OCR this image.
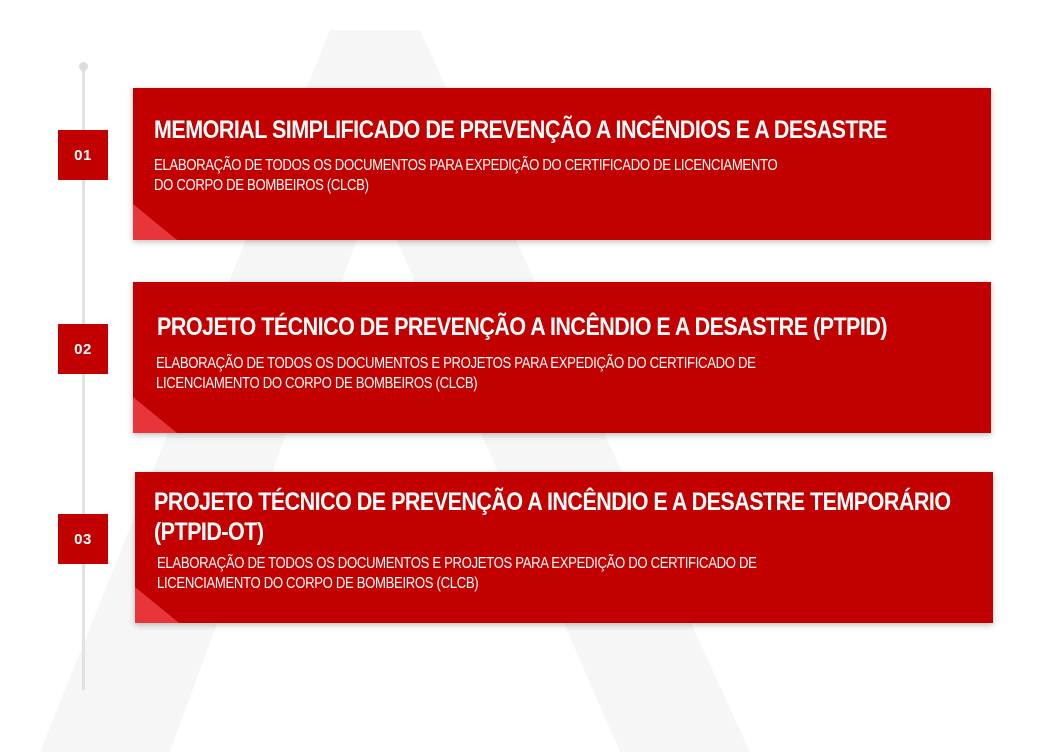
01
MEMORIAL SIMPLIFICADO DE PREVENÇÃO A INCÊNDIOS E A DESASTRE
ELABORAÇÃO DE TODOS OS DOCUMENTOS PARA EXPEDIÇÃO DO CERTIFICADO DE LICENCIAMENTO
DO CORPO DE BOMBEIROS (CLCB)
02
PROJETO TÉCNICO DE PREVENÇÃO A INCÊNDIO E A DESASTRE (PTPID)
ELABORAÇÃO DE TODOS OS DOCUMENTOS E PROJETOS PARA EXPEDIÇÃO DO CERTIFICADO DE
LICENCIAMENTO DO CORPO DE BOMBEIROS (CLCB)
03
PROJETO TÉCNICO DE PREVENÇÃO A INCÊNDIO E A DESASTRE TEMPORÁRIO
(PTPID-OT)
ELABORAÇÃO DE TODOS OS DOCUMENTOS E PROJETOS PARA EXPEDIÇÃO DO CERTIFICADO DE
LICENCIAMENTO DO CORPO DE BOMBEIROS (CLCB)
